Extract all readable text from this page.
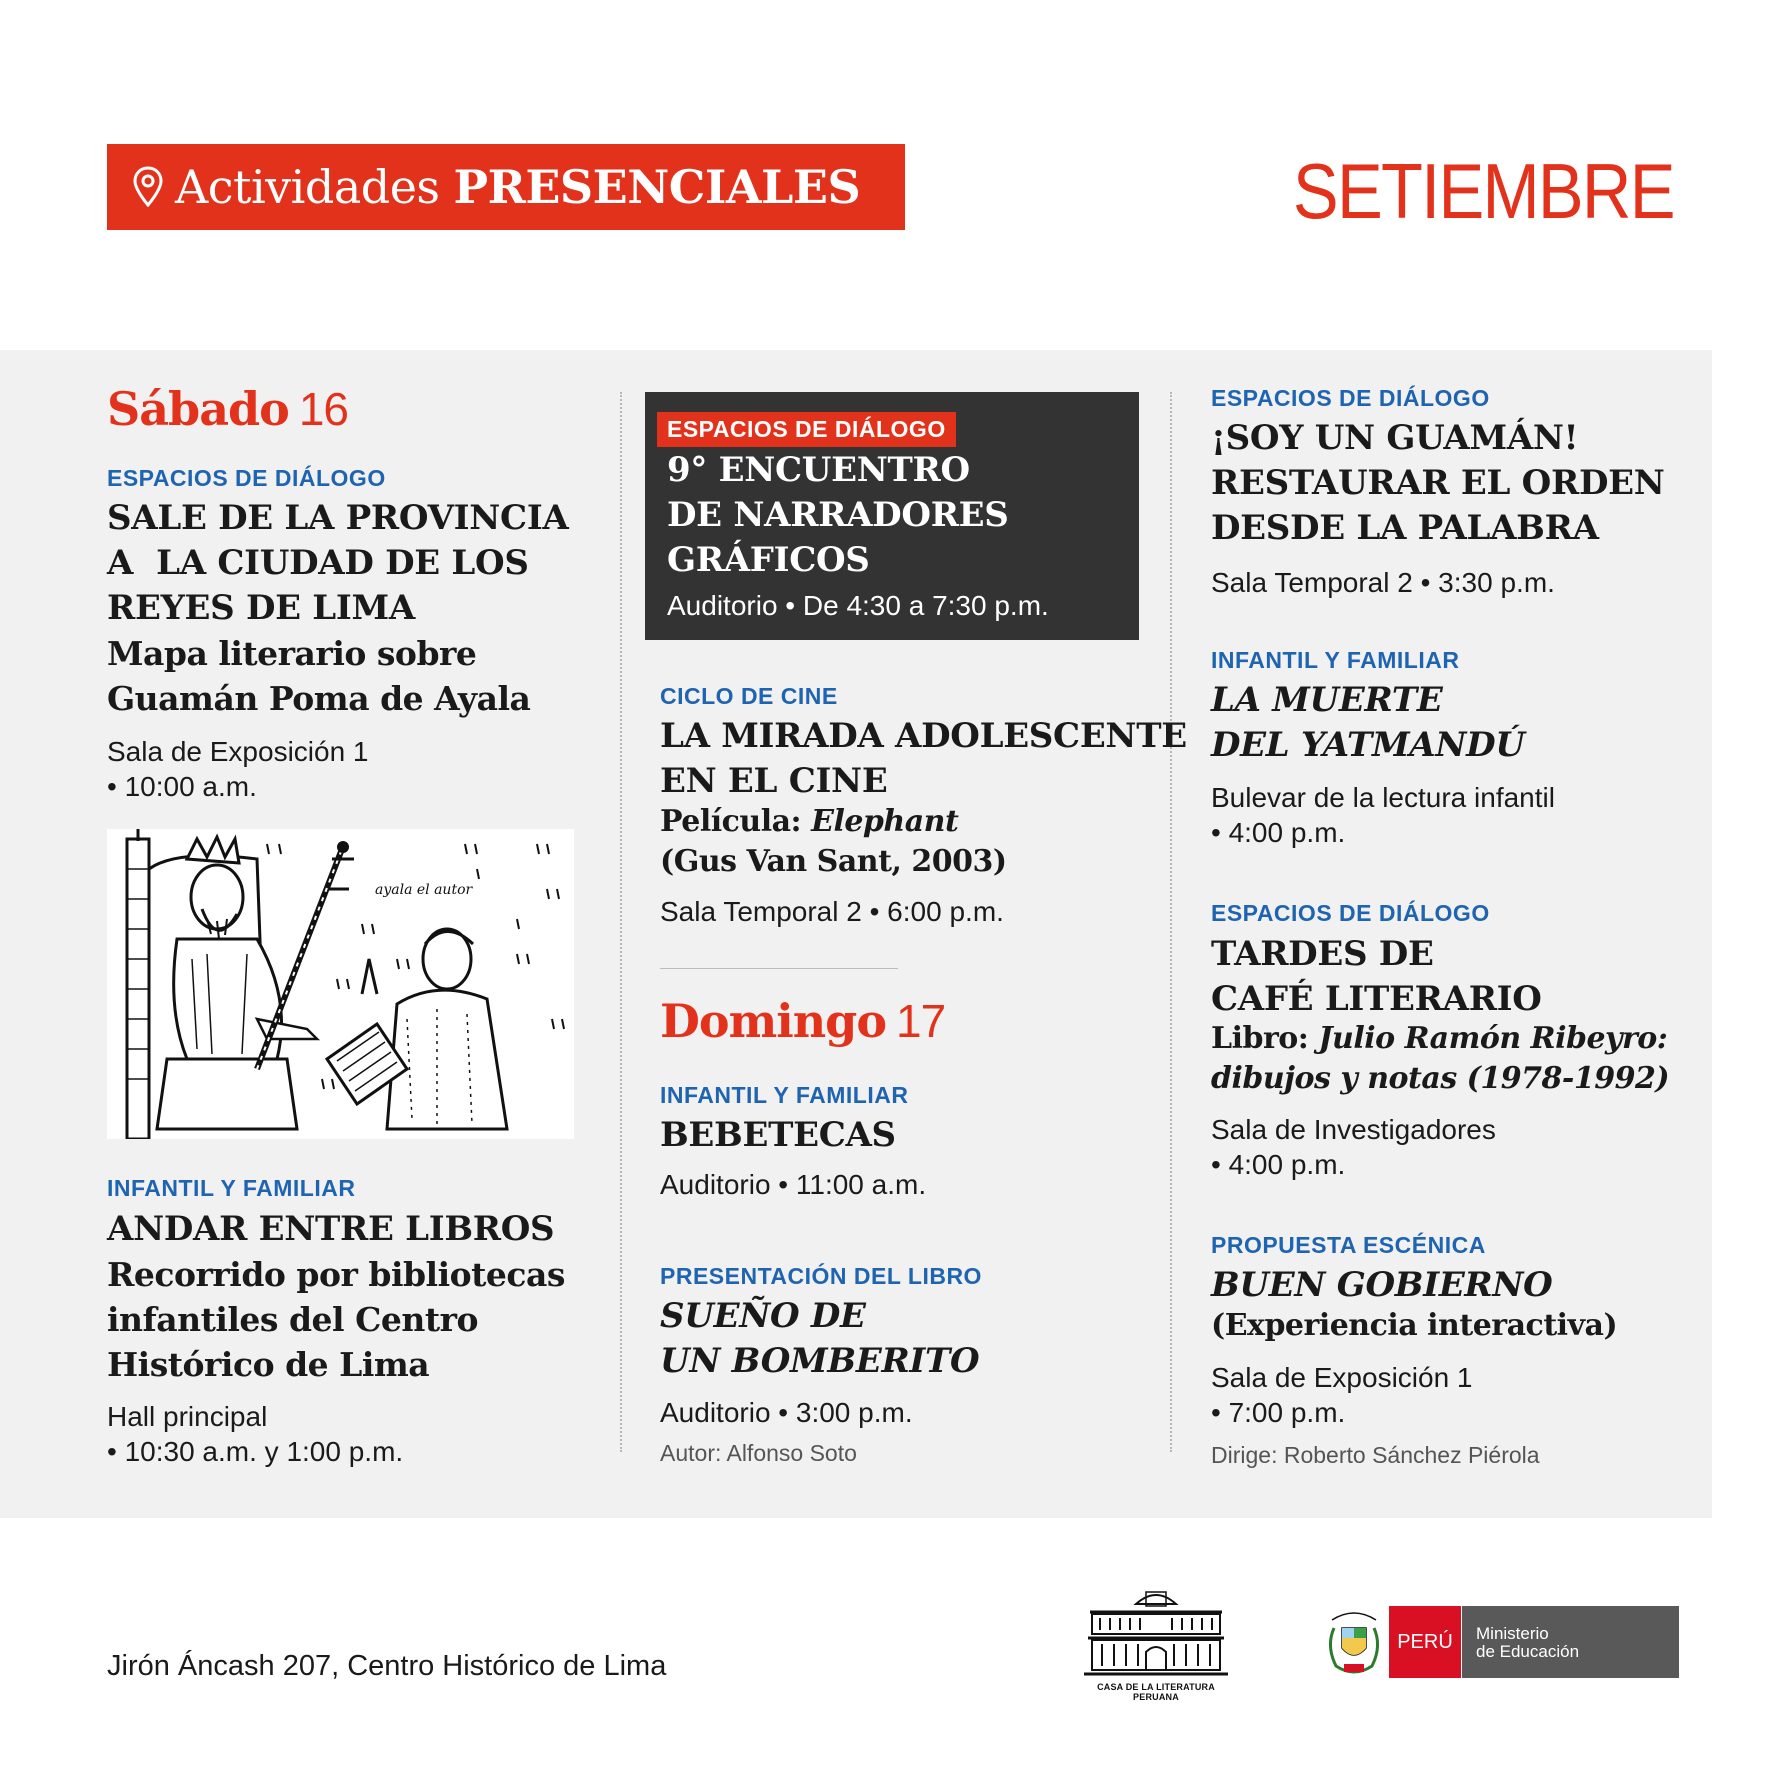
Actividades PRESENCIALES	SETIEMBRE
Sábado 16
ESPACIOS DE DIÁLOGO
SALE DE LA PROVINCIA
A  LA CIUDAD DE LOS
REYES DE LIMA
Mapa literario sobre
Guamán Poma de Ayala
Sala de Exposición 1
• 10:00 a.m.
ayala el autor
INFANTIL Y FAMILIAR
ANDAR ENTRE LIBROS
Recorrido por bibliotecas
infantiles del Centro
Histórico de Lima
Hall principal
• 10:30 a.m. y 1:00 p.m.
ESPACIOS DE DIÁLOGO
9° ENCUENTRO
DE NARRADORES
GRÁFICOS
Auditorio • De 4:30 a 7:30 p.m.
CICLO DE CINE
LA MIRADA ADOLESCENTE
EN EL CINE
Película: Elephant
(Gus Van Sant, 2003)
Sala Temporal 2 • 6:00 p.m.
Domingo 17
INFANTIL Y FAMILIAR
BEBETECAS
Auditorio • 11:00 a.m.
PRESENTACIÓN DEL LIBRO
SUEÑO DE
UN BOMBERITO
Auditorio • 3:00 p.m.
Autor: Alfonso Soto
ESPACIOS DE DIÁLOGO
¡SOY UN GUAMÁN!
RESTAURAR EL ORDEN
DESDE LA PALABRA
Sala Temporal 2 • 3:30 p.m.
INFANTIL Y FAMILIAR
LA MUERTE
DEL YATMANDÚ
Bulevar de la lectura infantil
• 4:00 p.m.
ESPACIOS DE DIÁLOGO
TARDES DE
CAFÉ LITERARIO
Libro: Julio Ramón Ribeyro:
dibujos y notas (1978-1992)
Sala de Investigadores
• 4:00 p.m.
PROPUESTA ESCÉNICA
BUEN GOBIERNO
(Experiencia interactiva)
Sala de Exposición 1
• 7:00 p.m.
Dirige: Roberto Sánchez Piérola
Jirón Áncash 207, Centro Histórico de Lima
CASA DE LA LITERATURA PERUANA
PERÚ	Ministerio
de Educación
